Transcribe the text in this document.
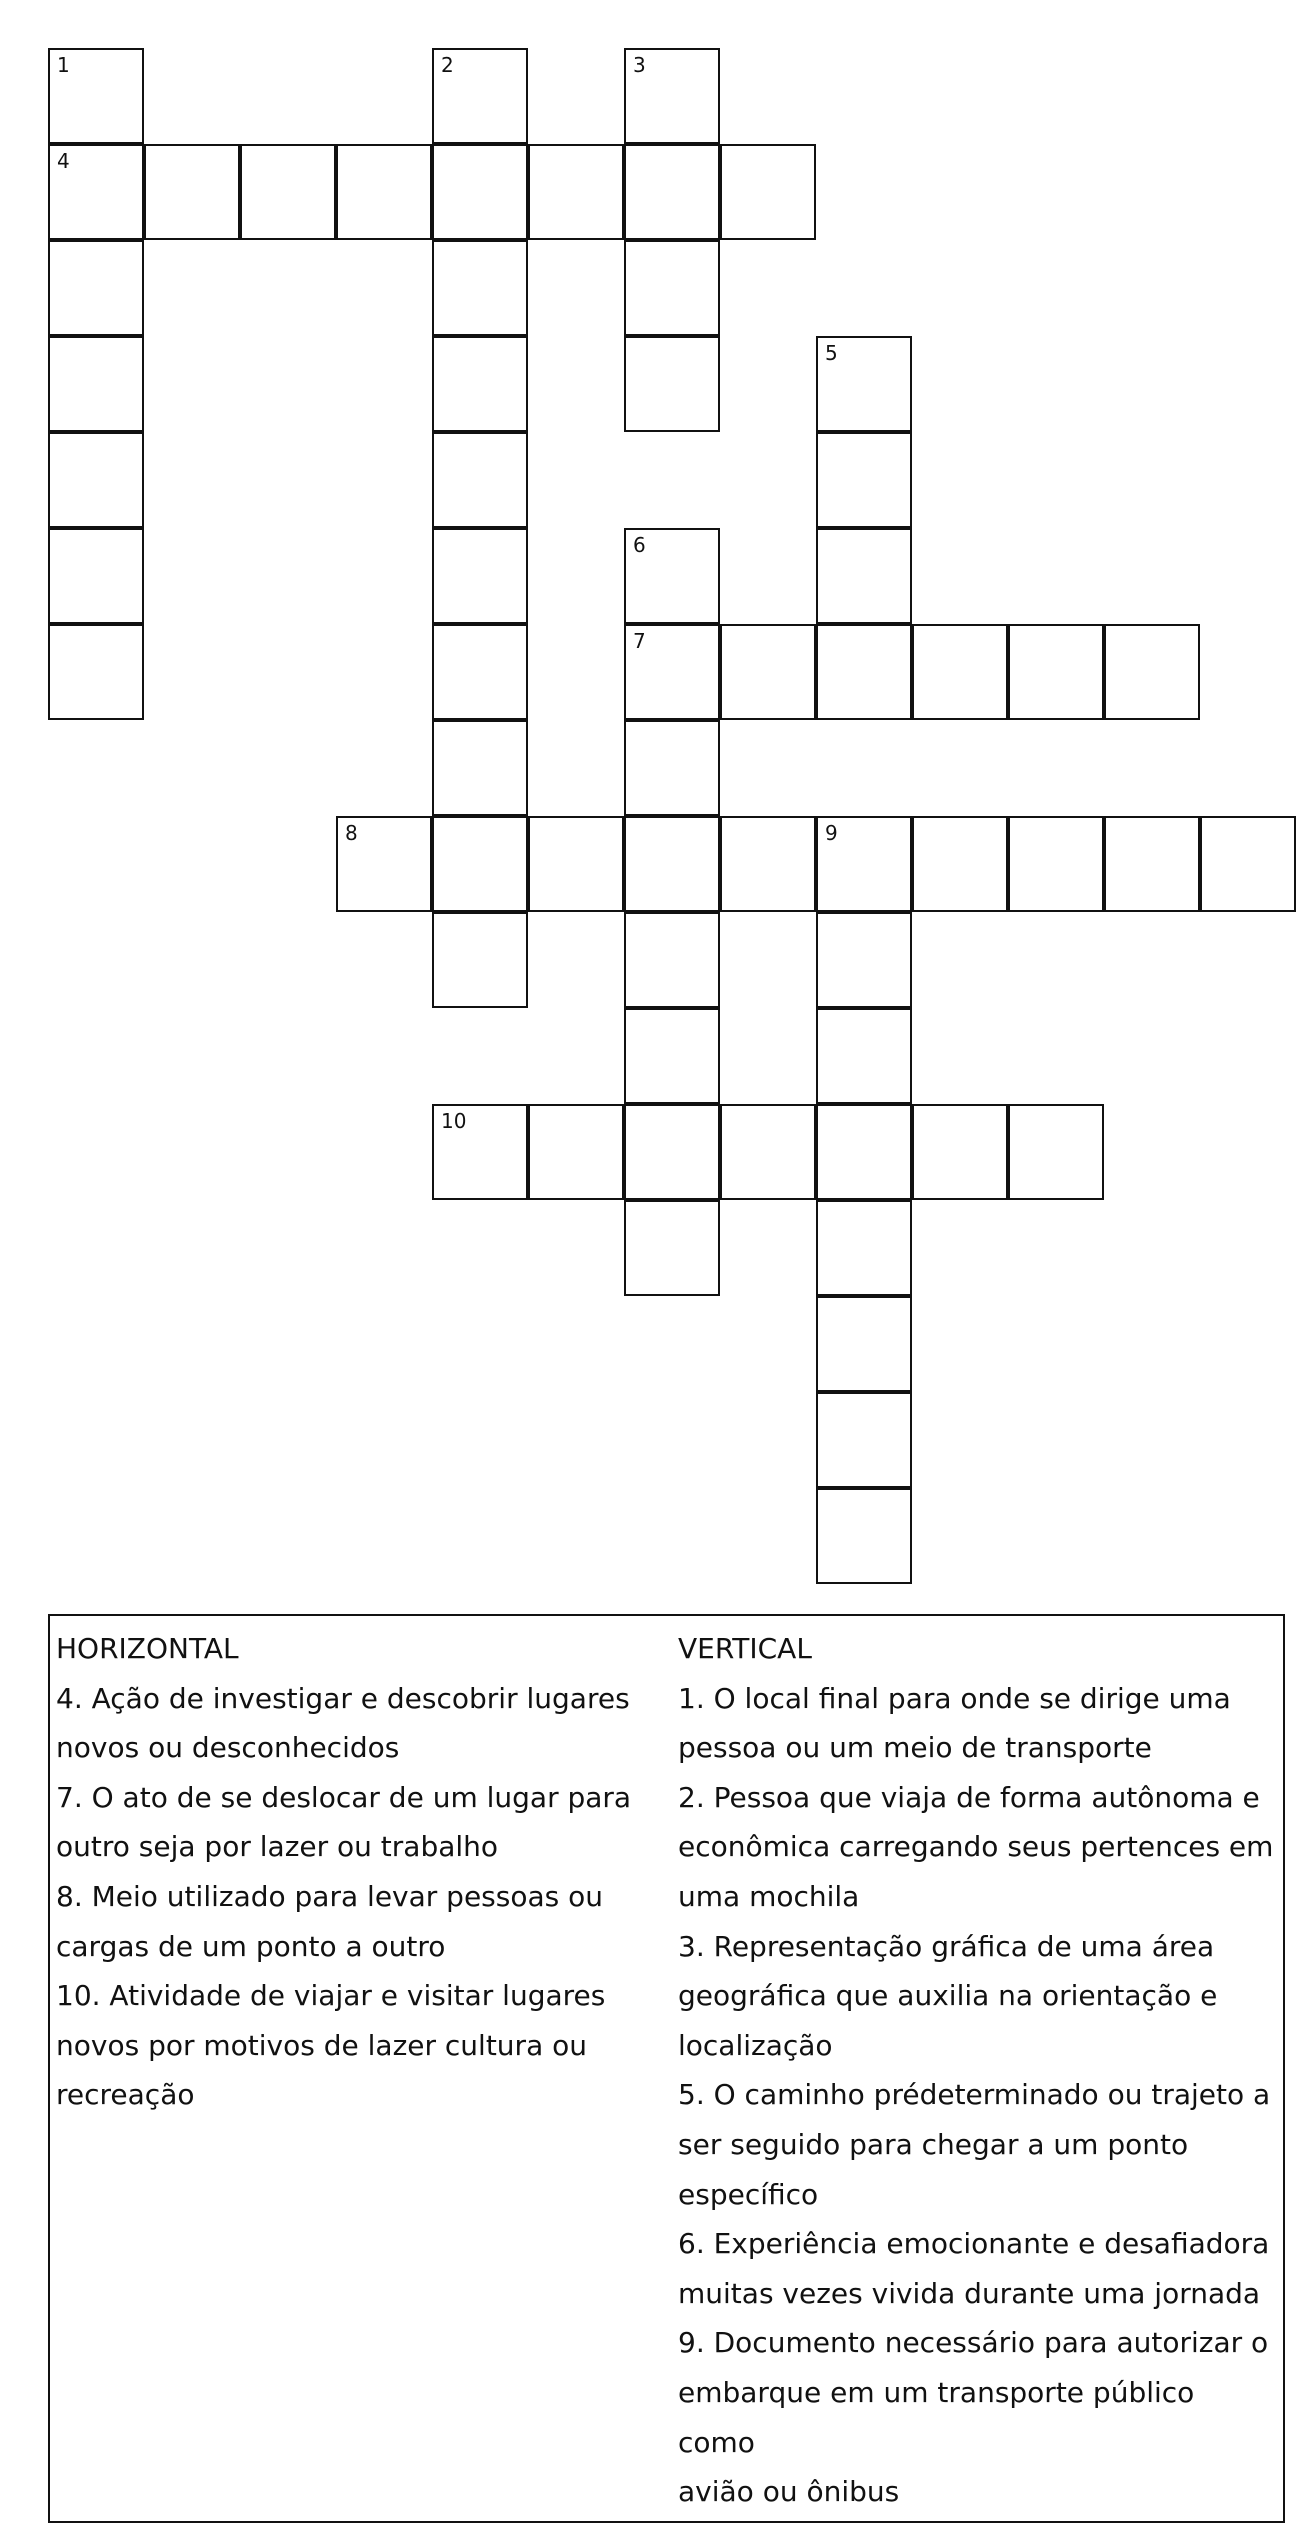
1
4
2	3
5
6
7
8	9
10
HORIZONTAL
4. Ação de investigar e descobrir lugares
novos ou desconhecidos
7. O ato de se deslocar de um lugar para
outro seja por lazer ou trabalho
8. Meio utilizado para levar pessoas ou
cargas de um ponto a outro
10. Atividade de viajar e visitar lugares
novos por motivos de lazer cultura ou
recreação
VERTICAL
1. O local final para onde se dirige uma
pessoa ou um meio de transporte
2. Pessoa que viaja de forma autônoma e
econômica carregando seus pertences em
uma mochila
3. Representação gráfica de uma área
geográfica que auxilia na orientação e
localização
5. O caminho prédeterminado ou trajeto a
ser seguido para chegar a um ponto
específico
6. Experiência emocionante e desafiadora
muitas vezes vivida durante uma jornada
9. Documento necessário para autorizar o
embarque em um transporte público como
avião ou ônibus
